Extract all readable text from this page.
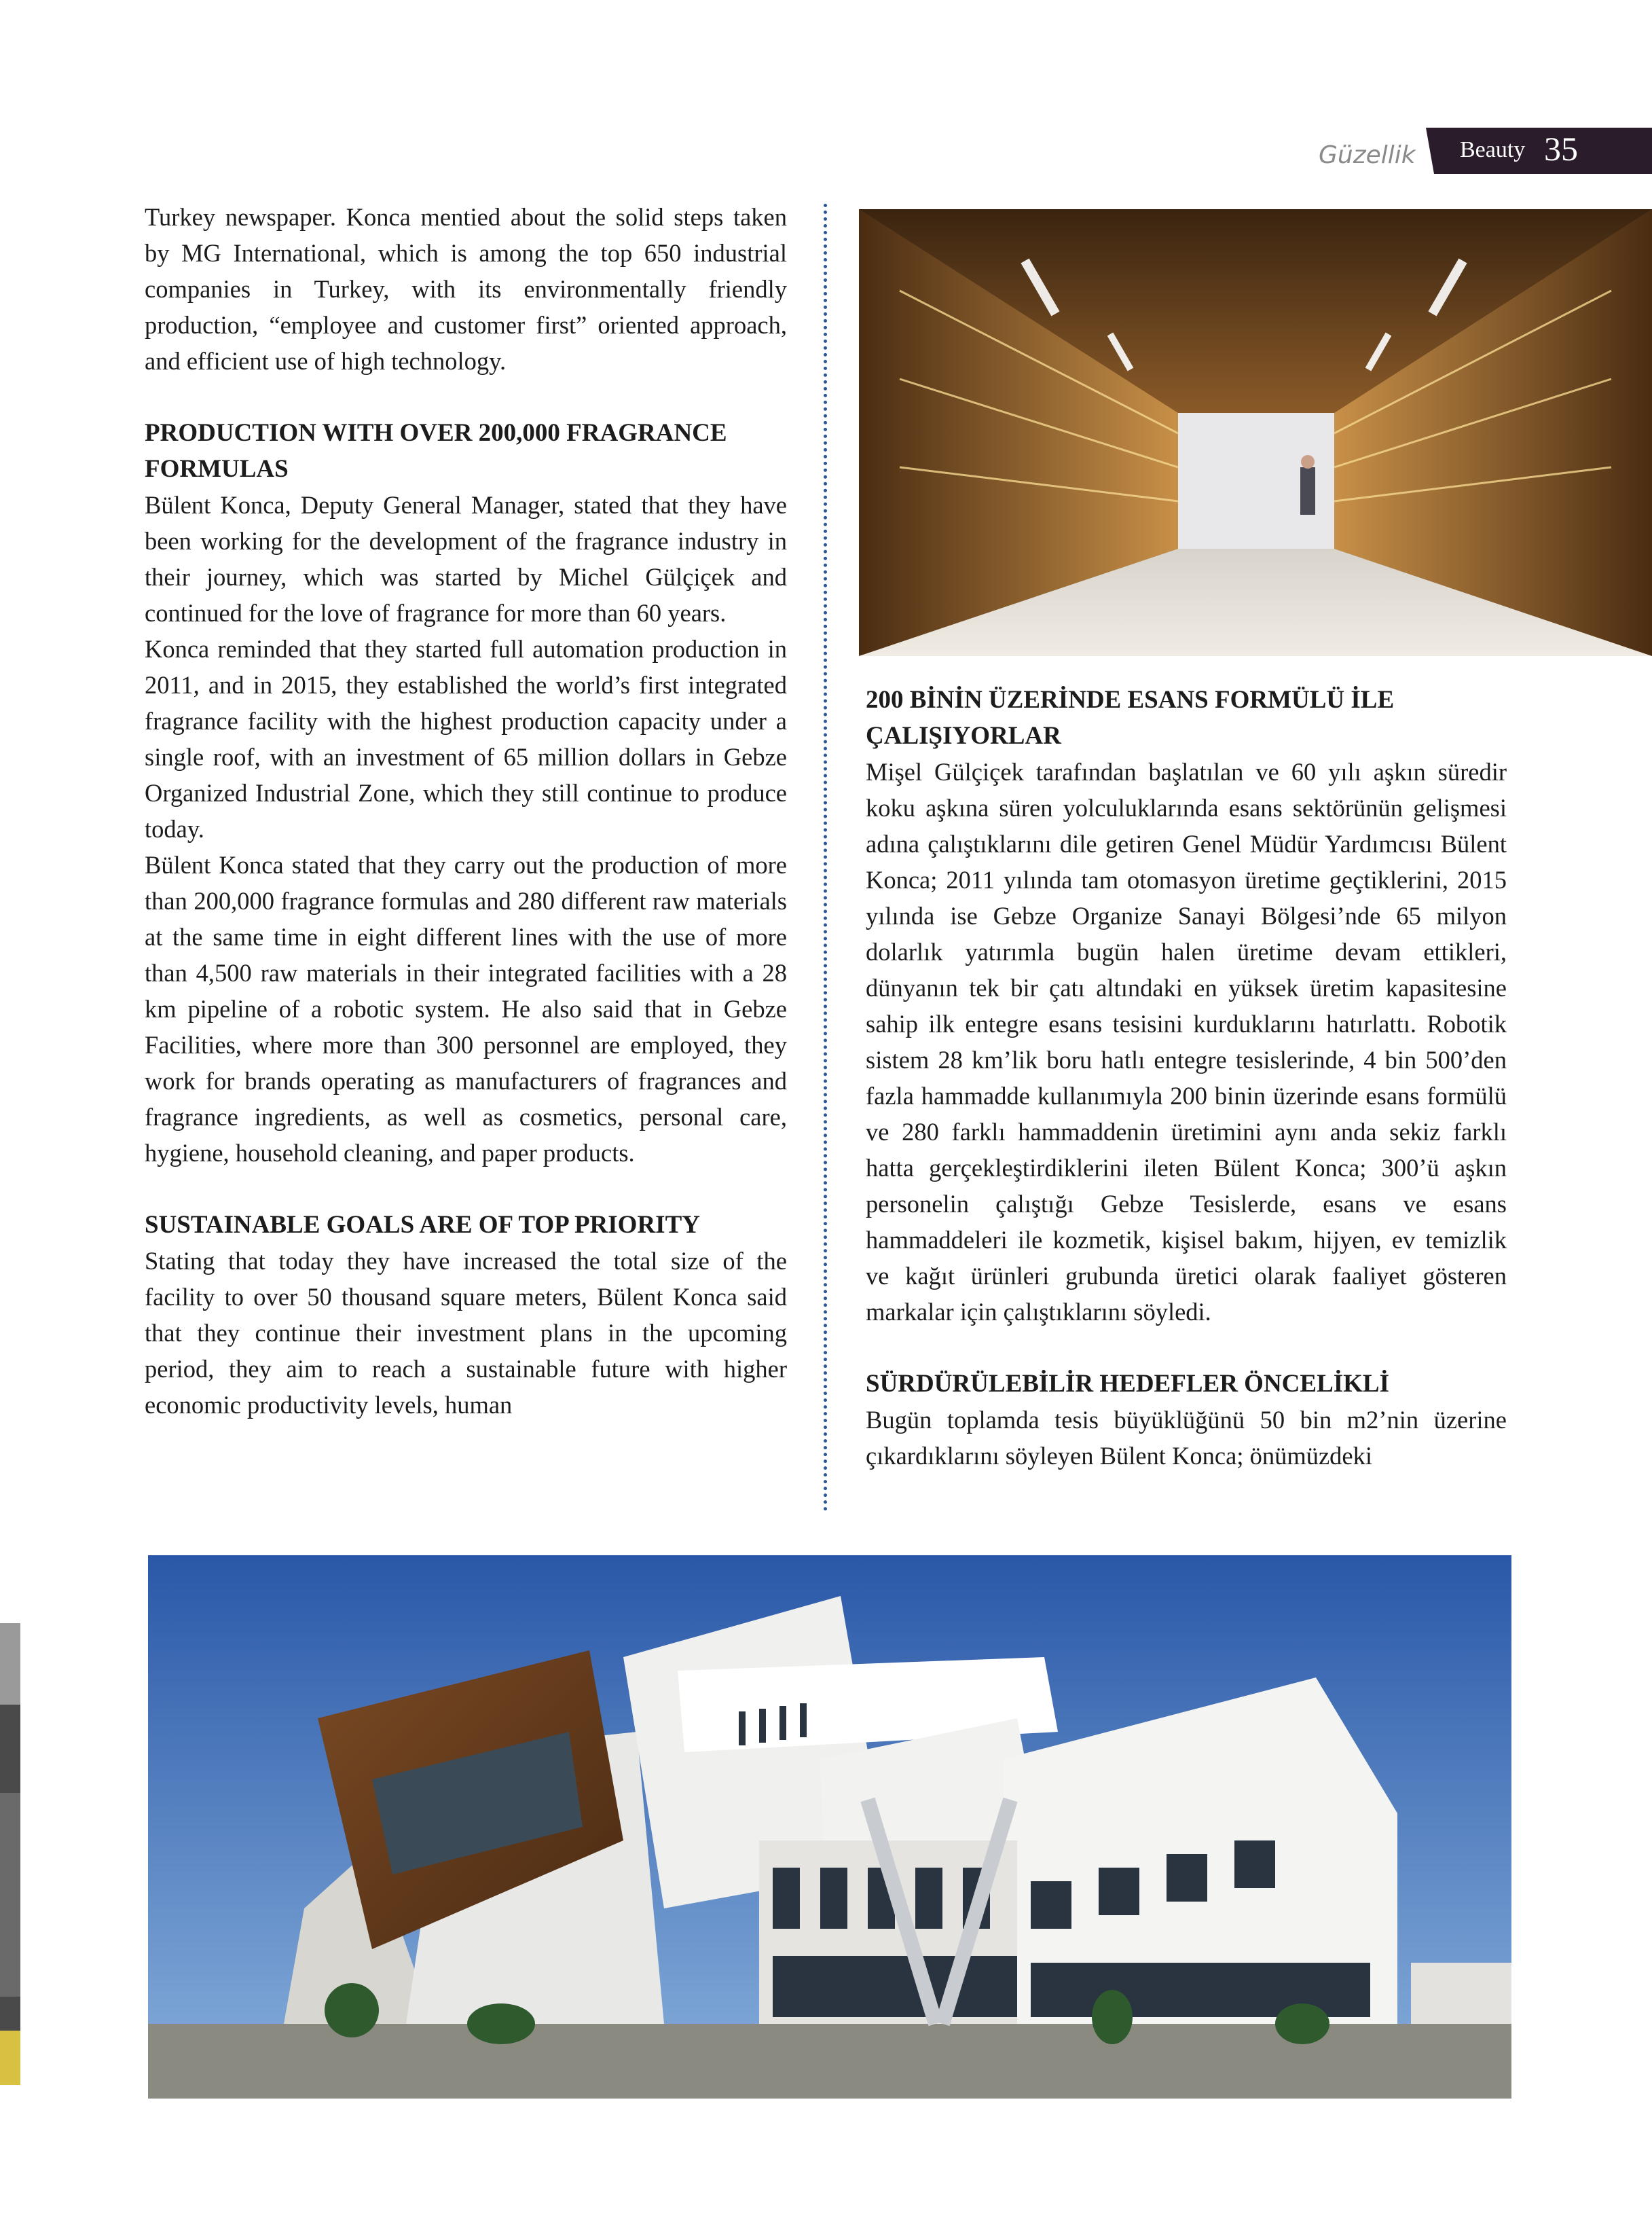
Güzellik Beauty 35

Turkey newspaper. Konca mentied about the solid steps taken by MG International, which is among the top 650 industrial companies in Turkey, with its environmentally friendly production, “employee and customer first” oriented approach, and efficient use of high technology.

PRODUCTION WITH OVER 200,000 FRAGRANCE FORMULAS

Bülent Konca, Deputy General Manager, stated that they have been working for the development of the fragrance industry in their journey, which was started by Michel Gülçiçek and continued for the love of fragrance for more than 60 years.

Konca reminded that they started full automation production in 2011, and in 2015, they established the world’s first integrated fragrance facility with the highest production capacity under a single roof, with an investment of 65 million dollars in Gebze Organized Industrial Zone, which they still continue to produce today.

Bülent Konca stated that they carry out the production of more than 200,000 fragrance formulas and 280 different raw materials at the same time in eight different lines with the use of more than 4,500 raw materials in their integrated facilities with a 28 km pipeline of a robotic system. He also said that in Gebze Facilities, where more than 300 personnel are employed, they work for brands operating as manufacturers of fragrances and fragrance ingredients, as well as cosmetics, personal care, hygiene, household cleaning, and paper products.

SUSTAINABLE GOALS ARE OF TOP PRIORITY

Stating that today they have increased the total size of the facility to over 50 thousand square meters, Bülent Konca said that they continue their investment plans in the upcoming period, they aim to reach a sustainable future with higher economic productivity levels, human

200 BİNİN ÜZERİNDE ESANS FORMÜLÜ İLE ÇALIŞIYORLAR

Mişel Gülçiçek tarafından başlatılan ve 60 yılı aşkın süredir koku aşkına süren yolculuklarında esans sektörünün gelişmesi adına çalıştıklarını dile getiren Genel Müdür Yardımcısı Bülent Konca; 2011 yılında tam otomasyon üretime geçtiklerini, 2015 yılında ise Gebze Organize Sanayi Bölgesi’nde 65 milyon dolarlık yatırımla bugün halen üretime devam ettikleri, dünyanın tek bir çatı altındaki en yüksek üretim kapasitesine sahip ilk entegre esans tesisini kurduklarını hatırlattı. Robotik sistem 28 km’lik boru hatlı entegre tesislerinde, 4 bin 500’den fazla hammadde kullanımıyla 200 binin üzerinde esans formülü ve 280 farklı hammaddenin üretimini aynı anda sekiz farklı hatta gerçekleştirdiklerini ileten Bülent Konca; 300’ü aşkın personelin çalıştığı Gebze Tesislerde, esans ve esans hammaddeleri ile kozmetik, kişisel bakım, hijyen, ev temizlik ve kağıt ürünleri grubunda üretici olarak faaliyet gösteren markalar için çalıştıklarını söyledi.

SÜRDÜRÜLEBİLİR HEDEFLER ÖNCELİKLİ

Bugün toplamda tesis büyüklüğünü 50 bin m2’nin üzerine çıkardıklarını söyleyen Bülent Konca; önümüzdeki
